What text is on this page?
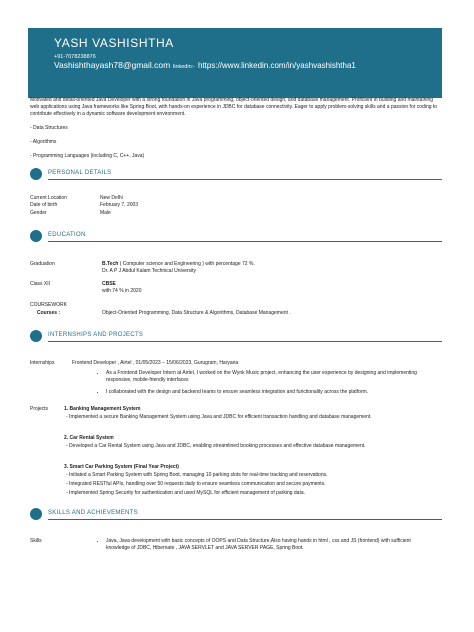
YASH VASHISHTHA
+91-7078238876
Vashishthayash78@gmail.com linkedin:- https://www.linkedin.com/in/yashvashishtha1
RESUME SUMMARY
Motivated and detail-oriented Java Developer with a strong foundation in Java programming, object-oriented design, and database management. Proficient in building and maintaining web applications using Java frameworks like Spring Boot, with hands-on experience in JDBC for database connectivity. Eager to apply problem-solving skills and a passion for coding to contribute effectively in a dynamic software development environment.
- Data Structures
- Algorithms
- Programming Languages (including C, C++, Java)
PERSONAL DETAILS
Current Location	New Delhi
Date of birth	February 7, 2003
Gender	Male
EDUCATION
Graduation	B.Tech ( Computer science and Engineering ) with percentage 72 %.
Dr. A P J Abdul Kalam Technical University
Class XII	CBSE
with 74 % in 2020
COURSEWORK
Courses :	Object-Oriented Programming, Data Structure & Algorithms, Database Management .
INTERNSHIPS AND PROJECTS
Internships	Frontend Developer , Airtel , 01/05/2023 – 15/06/2023, Gurugram, Haryana
• As a Frontend Developer Intern at Airtel, I worked on the Wynk Music project, enhancing the user experience by designing and implementing responsive, mobile-friendly interfaces
• I collaborated with the design and backend teams to ensure seamless integration and functionality across the platform.
Projects	1. Banking Management System
- Implemented a secure Banking Management System using Java and JDBC for efficient transaction handling and database management.
2. Car Rental System
- Developed a Car Rental System using Java and JDBC, enabling streamlined booking processes and effective database management.
3. Smart Car Parking System (Final Year Project)
- Initiated a Smart Parking System with Spring Boot, managing 10 parking slots for real-time tracking and reservations.
- Integrated RESTful APIs, handling over 50 requests daily to ensure seamless communication and secure payments.
- Implemented Spring Security for authentication and used MySQL for efficient management of parking data.
SKILLS AND ACHIEVEMENTS
Skills
•	Java, Java development with basic concepts of OOPS and Data Structure,Also having hands in html , css and JS (frontend) with sufficient knowledge of JDBC, Hibernate , JAVA SERVLET and JAVA SERVER PAGE, Spring Boot.
